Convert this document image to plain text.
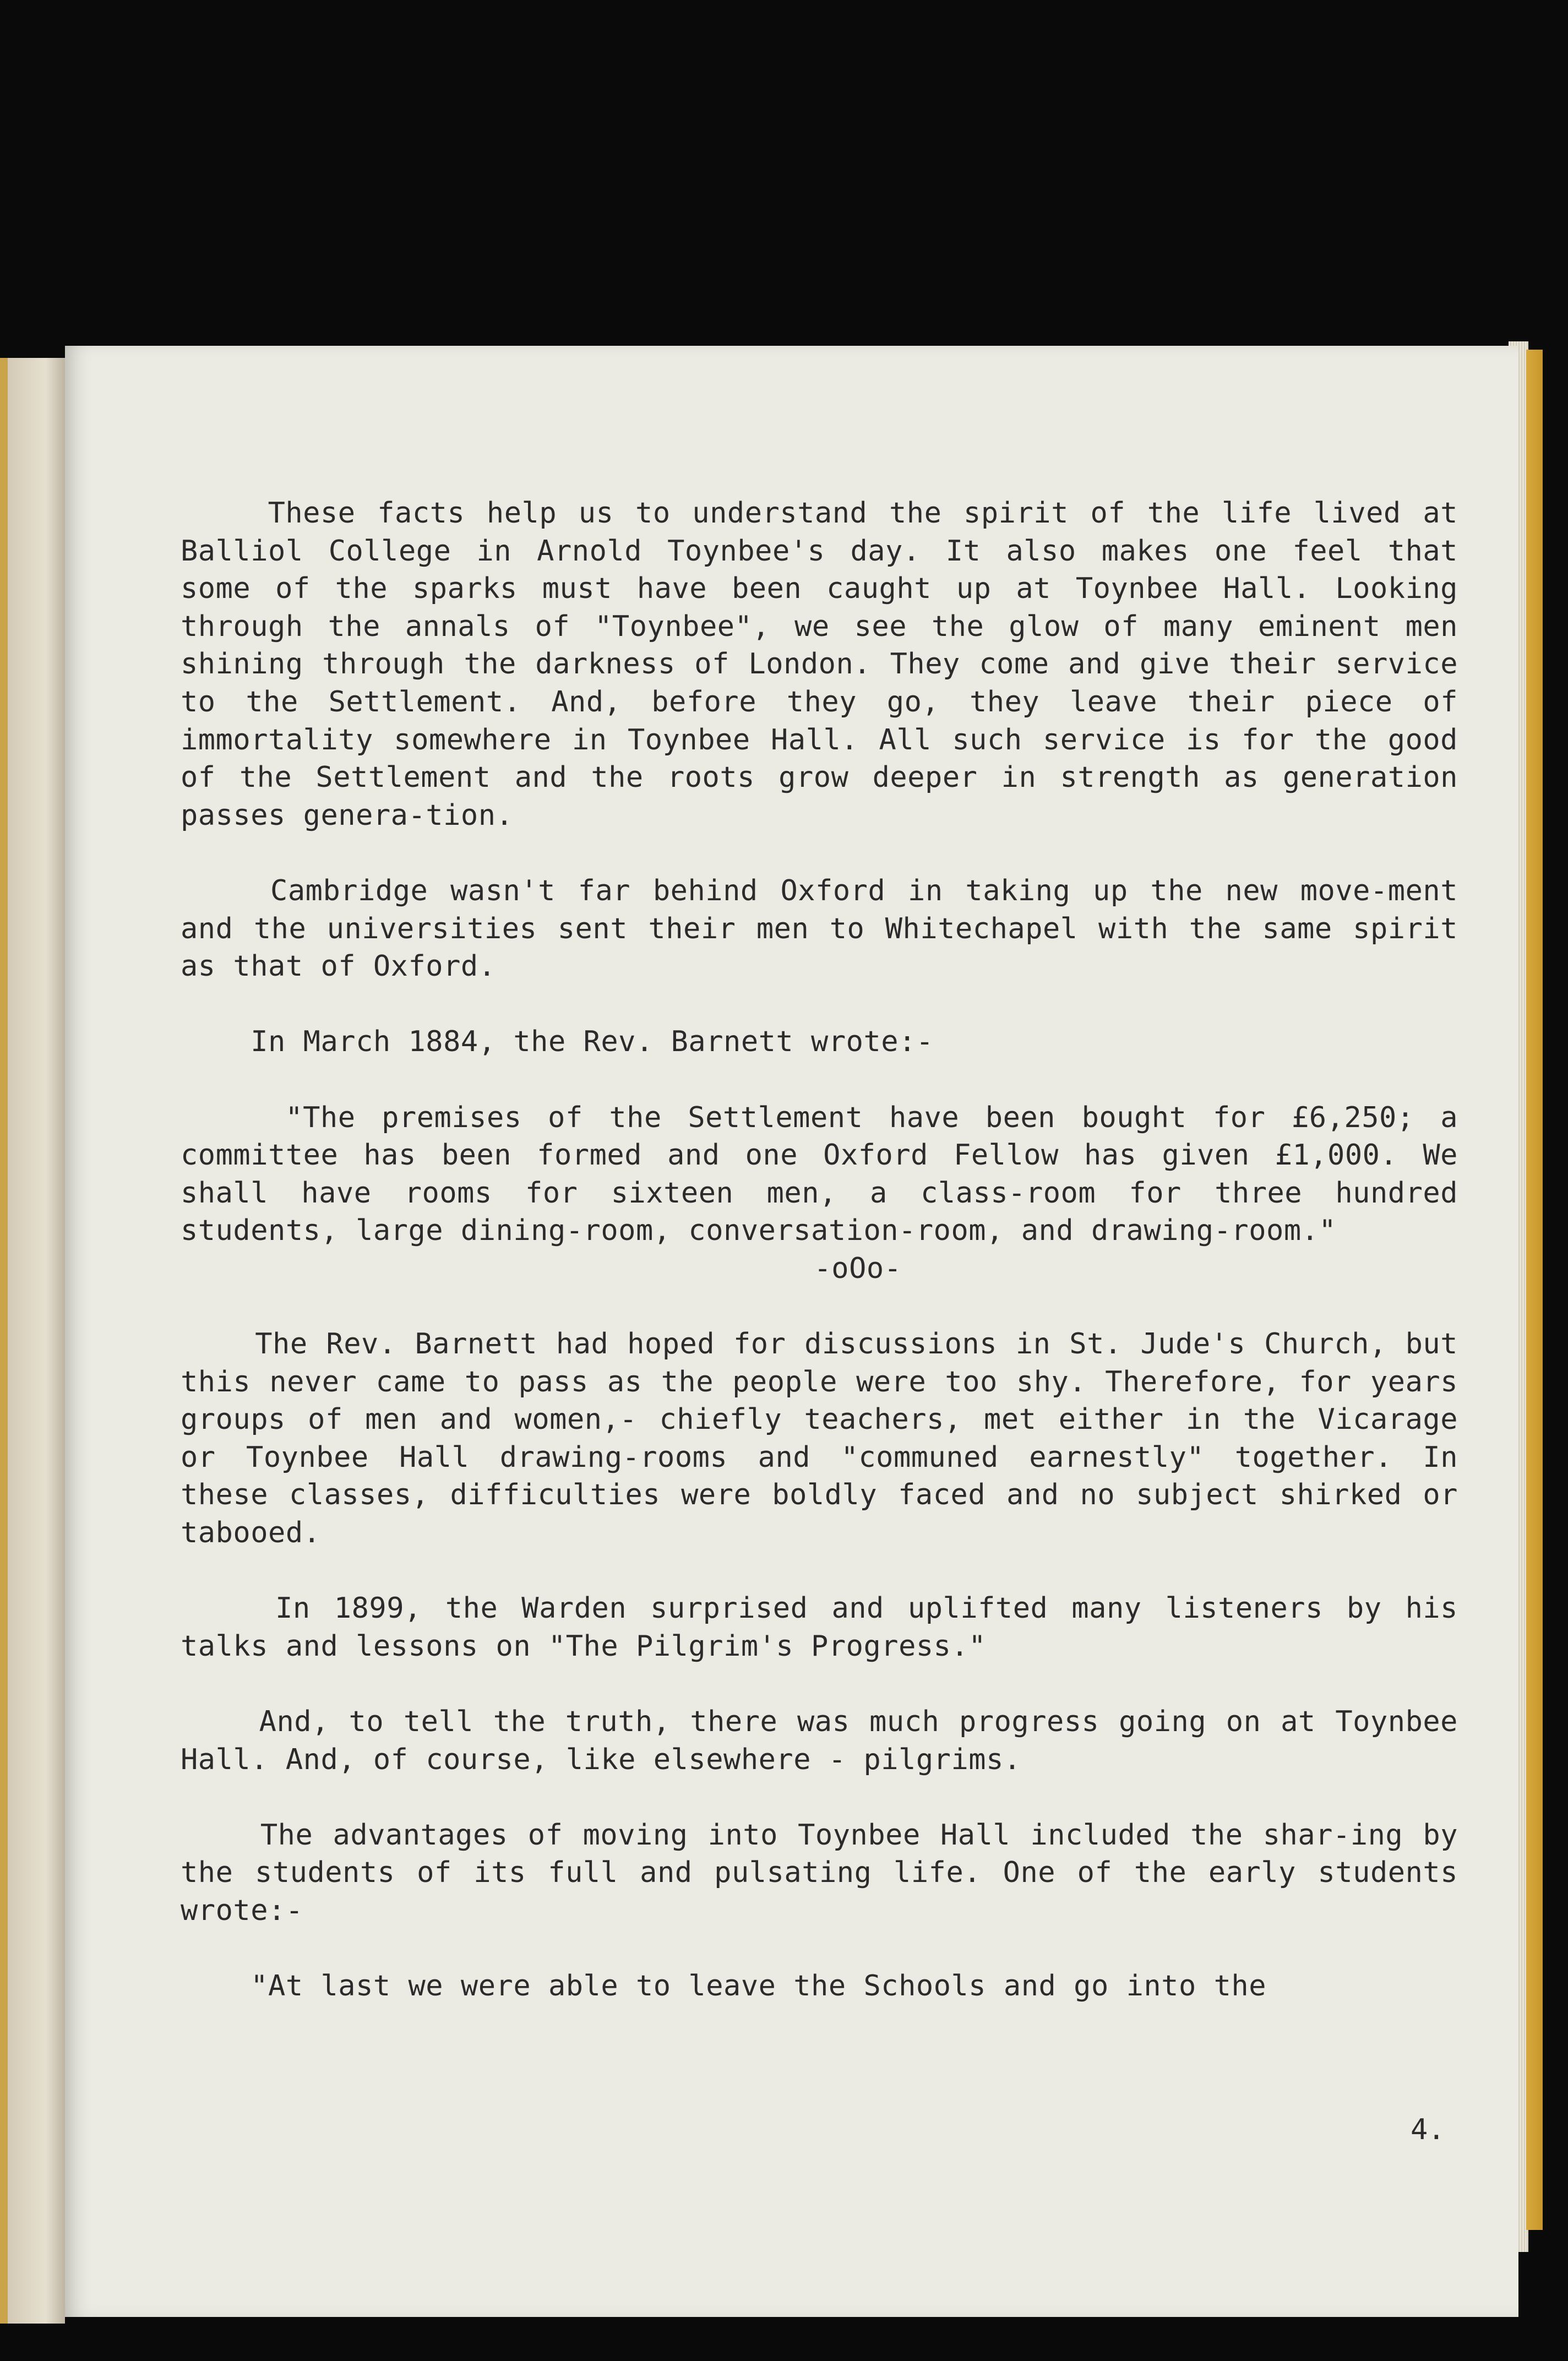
These facts help us to understand the spirit of the life lived at Balliol College in Arnold Toynbee's day. It also makes one feel that some of the sparks must have been caught up at Toynbee Hall. Looking through the annals of "Toynbee", we see the glow of many eminent men shining through the darkness of London. They come and give their service to the Settlement. And, before they go, they leave their piece of immortality somewhere in Toynbee Hall. All such service is for the good of the Settlement and the roots grow deeper in strength as generation passes genera-tion.

Cambridge wasn't far behind Oxford in taking up the new move-ment and the universities sent their men to Whitechapel with the same spirit as that of Oxford.

In March 1884, the Rev. Barnett wrote:-

"The premises of the Settlement have been bought for £6,250; a committee has been formed and one Oxford Fellow has given £1,000. We shall have rooms for sixteen men, a class-room for three hundred students, large dining-room, conversation-room, and drawing-room."

-oOo-

The Rev. Barnett had hoped for discussions in St. Jude's Church, but this never came to pass as the people were too shy. Therefore, for years groups of men and women,- chiefly teachers, met either in the Vicarage or Toynbee Hall drawing-rooms and "communed earnestly" together. In these classes, difficulties were boldly faced and no subject shirked or tabooed.

In 1899, the Warden surprised and uplifted many listeners by his talks and lessons on "The Pilgrim's Progress."

And, to tell the truth, there was much progress going on at Toynbee Hall. And, of course, like elsewhere - pilgrims.

The advantages of moving into Toynbee Hall included the shar-ing by the students of its full and pulsating life. One of the early students wrote:-

"At last we were able to leave the Schools and go into the

4.
